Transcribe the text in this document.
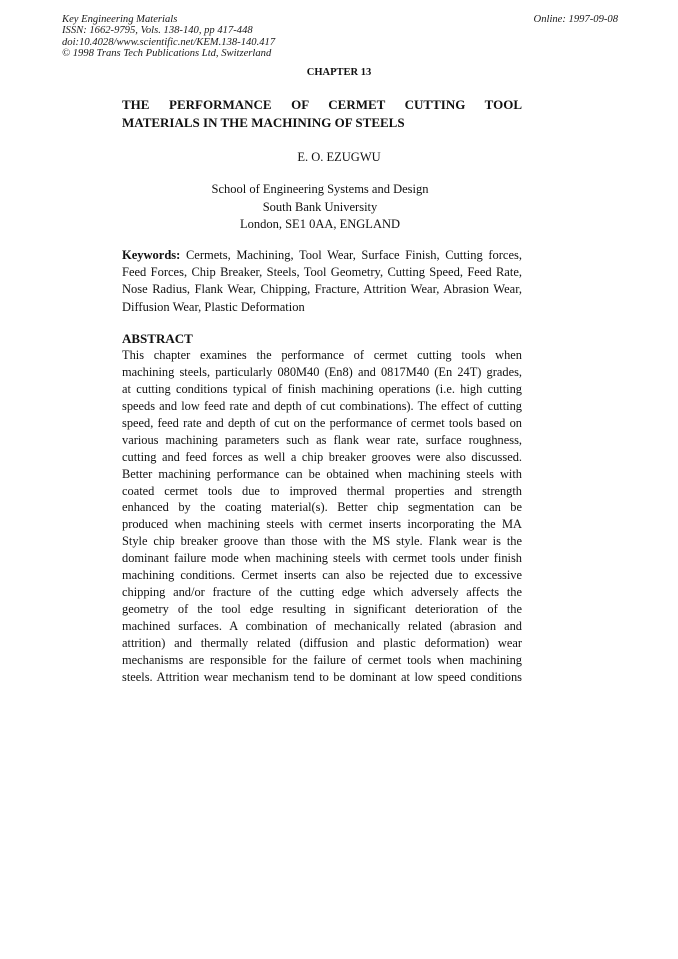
Key Engineering Materials
ISSN: 1662-9795, Vols. 138-140, pp 417-448
doi:10.4028/www.scientific.net/KEM.138-140.417
© 1998 Trans Tech Publications Ltd, Switzerland
Online: 1997-09-08
CHAPTER 13
THE PERFORMANCE OF CERMET CUTTING TOOL
MATERIALS IN THE MACHINING OF STEELS
E. O. EZUGWU
School of Engineering Systems and Design
South Bank University
London, SE1 0AA, ENGLAND
Keywords: Cermets, Machining, Tool Wear, Surface Finish, Cutting forces, Feed Forces, Chip Breaker, Steels, Tool Geometry, Cutting Speed, Feed Rate, Nose Radius, Flank Wear, Chipping, Fracture, Attrition Wear, Abrasion Wear, Diffusion Wear, Plastic Deformation
ABSTRACT
This chapter examines the performance of cermet cutting tools when
machining steels, particularly 080M40 (En8) and 0817M40 (En 24T) grades,
at cutting conditions typical of finish machining operations (i.e. high cutting
speeds and low feed rate and depth of cut combinations). The effect of cutting
speed, feed rate and depth of cut on the performance of cermet tools based on
various machining parameters such as flank wear rate, surface roughness,
cutting and feed forces as well a chip breaker grooves were also discussed.
Better machining performance can be obtained when machining steels with
coated cermet tools due to improved thermal properties and strength
enhanced by the coating material(s). Better chip segmentation can be
produced when machining steels with cermet inserts incorporating the MA
Style chip breaker groove than those with the MS style. Flank wear is the
dominant failure mode when machining steels with cermet tools under finish
machining conditions. Cermet inserts can also be rejected due to excessive
chipping and/or fracture of the cutting edge which adversely affects the
geometry of the tool edge resulting in significant deterioration of the
machined surfaces. A combination of mechanically related (abrasion and
attrition) and thermally related (diffusion and plastic deformation) wear
mechanisms are responsible for the failure of cermet tools when machining
steels. Attrition wear mechanism tend to be dominant at low speed conditions
